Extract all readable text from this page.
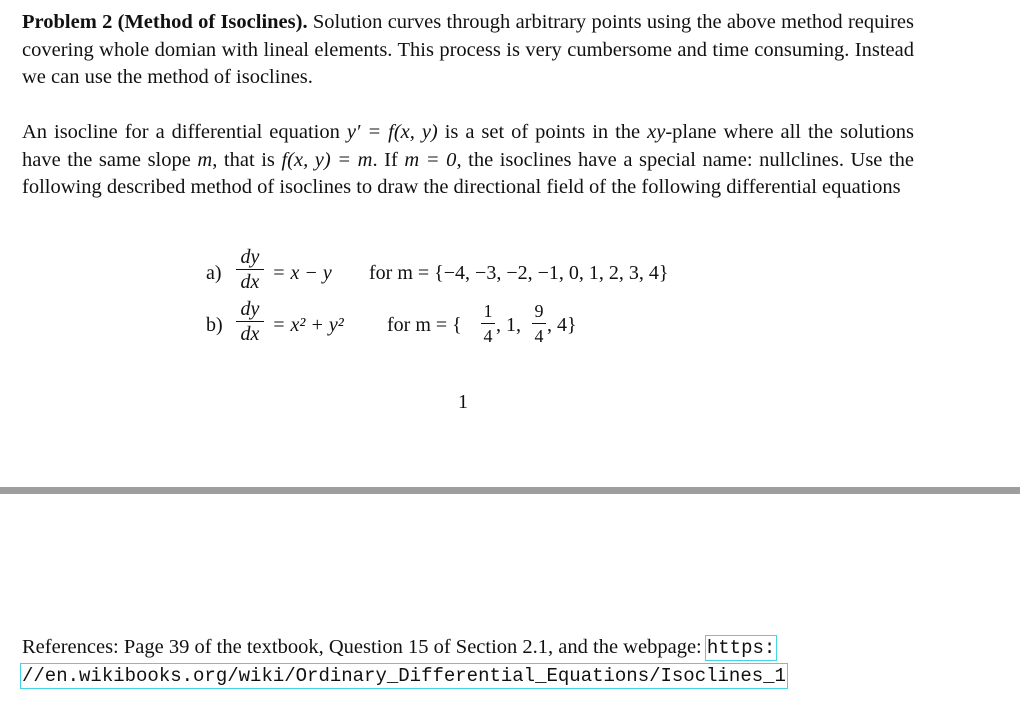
Problem 2 (Method of Isoclines). Solution curves through arbitrary points using the above method requires covering whole domian with lineal elements. This process is very cumbersome and time consuming. Instead we can use the method of isoclines.
An isocline for a differential equation y′ = f(x, y) is a set of points in the xy-plane where all the solutions have the same slope m, that is f(x, y) = m. If m = 0, the isoclines have a special name: nullclines. Use the following described method of isoclines to draw the directional field of the following differential equations
a)
dy
dx = x − y for m = {−4, −3, −2, −1, 0, 1, 2, 3, 4}
b)
dy
dx = x² + y² for m = {
1
4 , 1,
9
4 , 4}
1
References: Page 39 of the textbook, Question 15 of Section 2.1, and the webpage: https:
//en.wikibooks.org/wiki/Ordinary_Differential_Equations/Isoclines_1
